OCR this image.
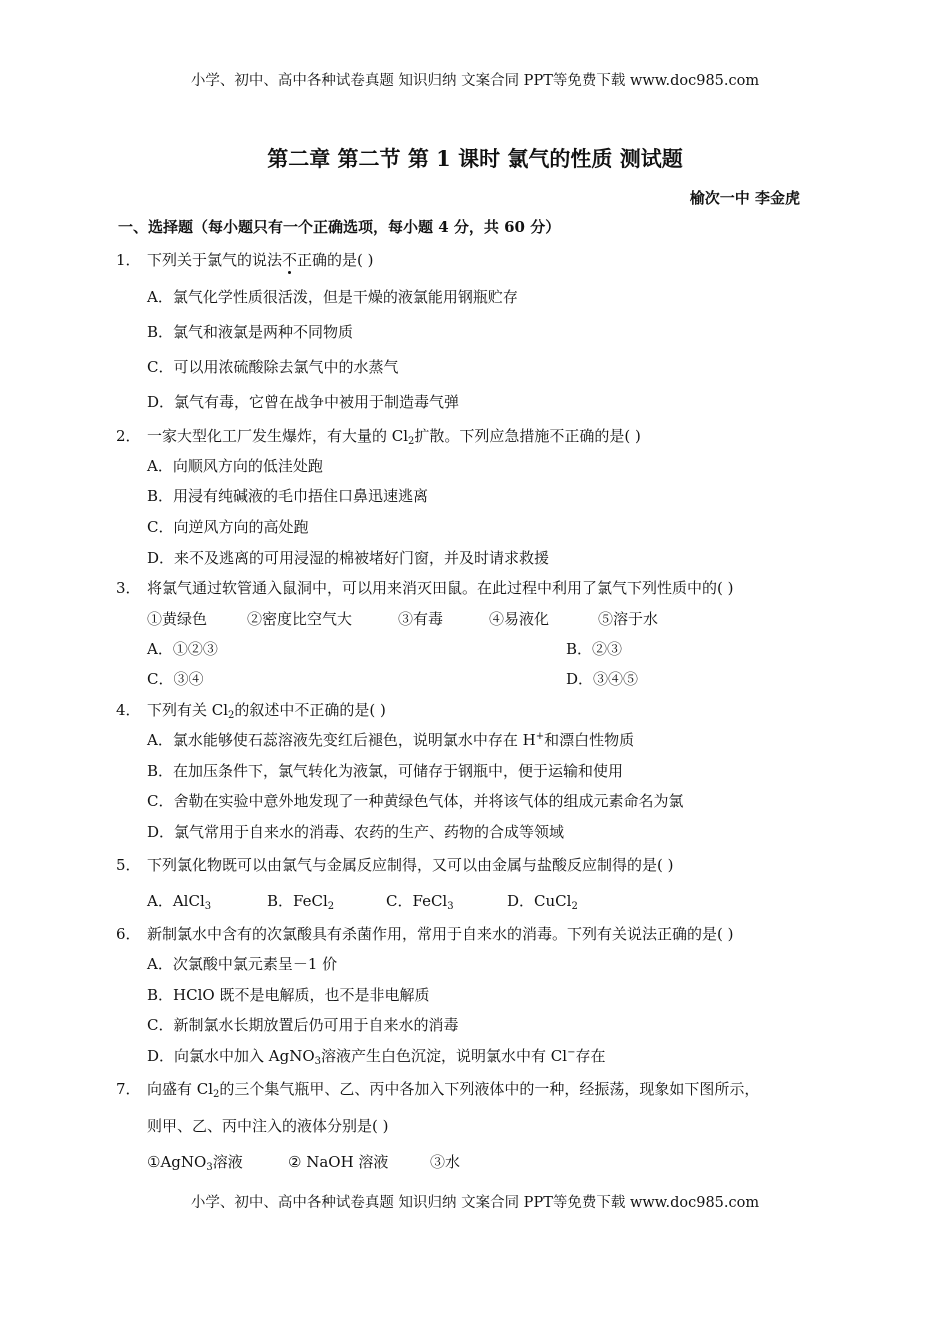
小学、初中、高中各种试卷真题 知识归纳 文案合同 PPT等免费下载 www.doc985.com
第二章 第二节 第 1 课时 氯气的性质 测试题
榆次一中 李金虎
一、选择题（每小题只有一个正确选项，每小题 4 分，共 60 分）
1． 下列关于氯气的说法不正确的是( )
A．氯气化学性质很活泼，但是干燥的液氯能用钢瓶贮存
B．氯气和液氯是两种不同物质
C．可以用浓硫酸除去氯气中的水蒸气
D．氯气有毒，它曾在战争中被用于制造毒气弹
2． 一家大型化工厂发生爆炸，有大量的 $Cl_2$扩散。下列应急措施不正确的是( )
A．向顺风方向的低洼处跑
B．用浸有纯碱液的毛巾捂住口鼻迅速逃离
C．向逆风方向的高处跑
D．来不及逃离的可用浸湿的棉被堵好门窗，并及时请求救援
3． 将氯气通过软管通入鼠洞中，可以用来消灭田鼠。在此过程中利用了氯气下列性质中的( )
①黄绿色	②密度比空气大	③有毒	④易液化	⑤溶于水
A．①②③	B．②③
C．③④	D．③④⑤
4． 下列有关 $Cl_2$的叙述中不正确的是( )
A．氯水能够使石蕊溶液先变红后褪色，说明氯水中存在 H+和漂白性物质
B．在加压条件下，氯气转化为液氯，可储存于钢瓶中，便于运输和使用
C．舍勒在实验中意外地发现了一种黄绿色气体，并将该气体的组成元素命名为氯
D．氯气常用于自来水的消毒、农药的生产、药物的合成等领域
5． 下列氯化物既可以由氯气与金属反应制得，又可以由金属与盐酸反应制得的是( )
A．AlCl$_3$	B．FeCl$_2$	C．FeCl$_3$	D．CuCl$_2$
6． 新制氯水中含有的次氯酸具有杀菌作用，常用于自来水的消毒。下列有关说法正确的是( )
A．次氯酸中氯元素呈－1 价
B．HClO 既不是电解质，也不是非电解质
C．新制氯水长期放置后仍可用于自来水的消毒
D．向氯水中加入 AgNO$_3$溶液产生白色沉淀，说明氯水中有 Cl−存在
7． 向盛有 $Cl_2$的三个集气瓶甲、乙、丙中各加入下列液体中的一种，经振荡，现象如下图所示，
则甲、乙、丙中注入的液体分别是( )
①AgNO$_3$溶液	② NaOH 溶液	③水
小学、初中、高中各种试卷真题 知识归纳 文案合同 PPT等免费下载 www.doc985.com
